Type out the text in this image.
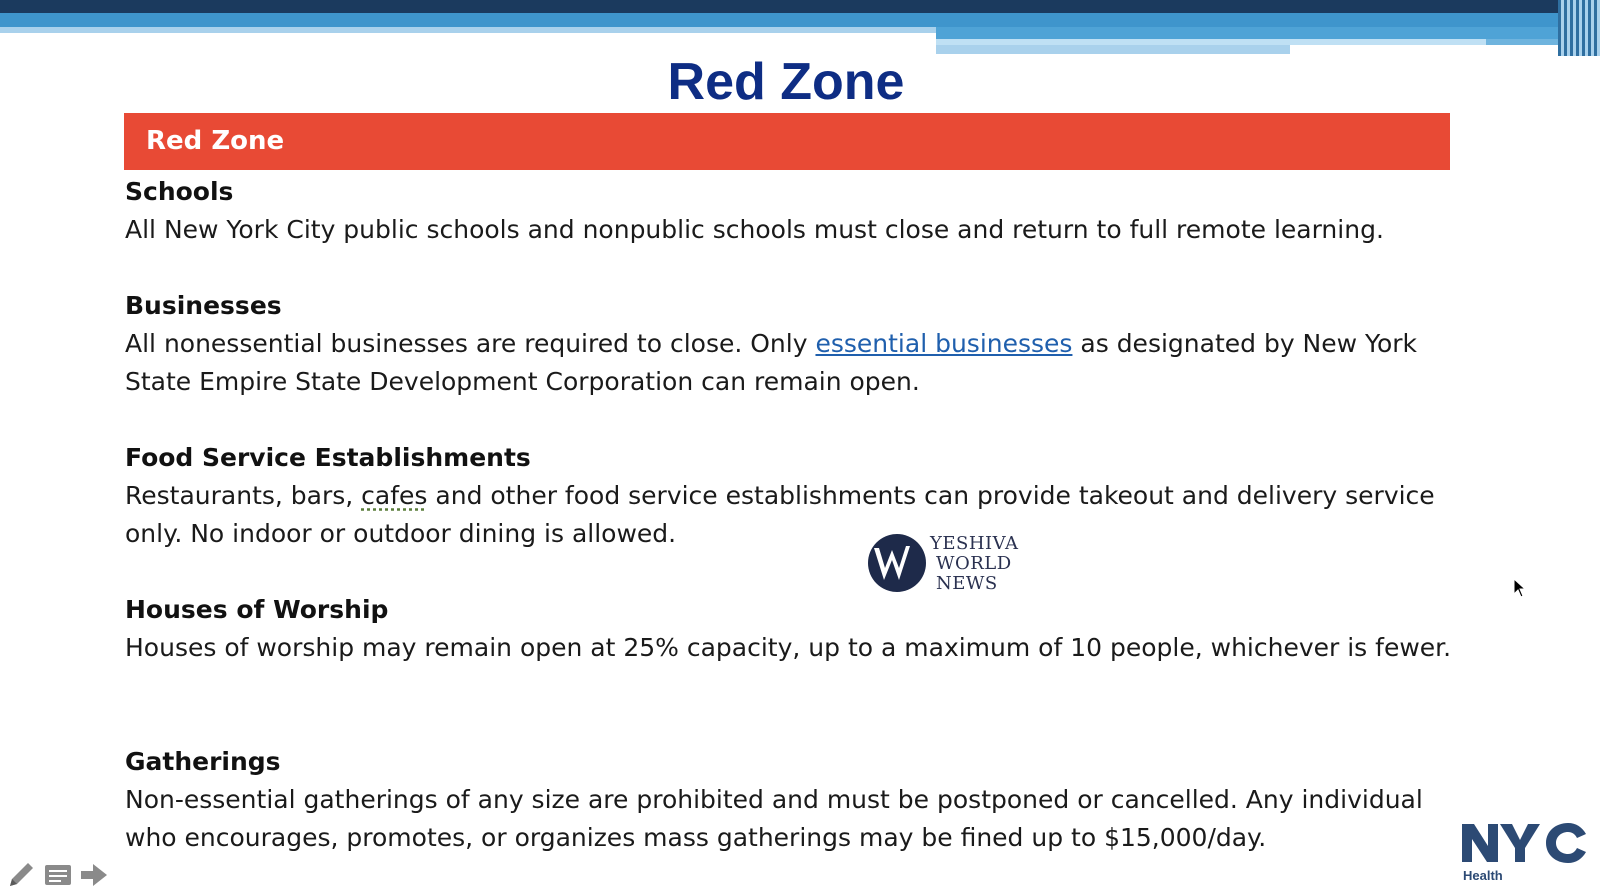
Red Zone
Red Zone

Schools

All New York City public schools and nonpublic schools must close and return to full remote learning.

Businesses

All nonessential businesses are required to close. Only essential businesses as designated by New York State Empire State Development Corporation can remain open.

Food Service Establishments

Restaurants, bars, cafes and other food service establishments can provide takeout and delivery service only. No indoor or outdoor dining is allowed.

Houses of Worship

Houses of worship may remain open at 25% capacity, up to a maximum of 10 people, whichever is fewer.

Gatherings

Non-essential gatherings of any size are prohibited and must be postponed or cancelled. Any individual who encourages, promotes, or organizes mass gatherings may be fined up to $15,000/day.

YESHIVA
WORLD
NEWS
Health
